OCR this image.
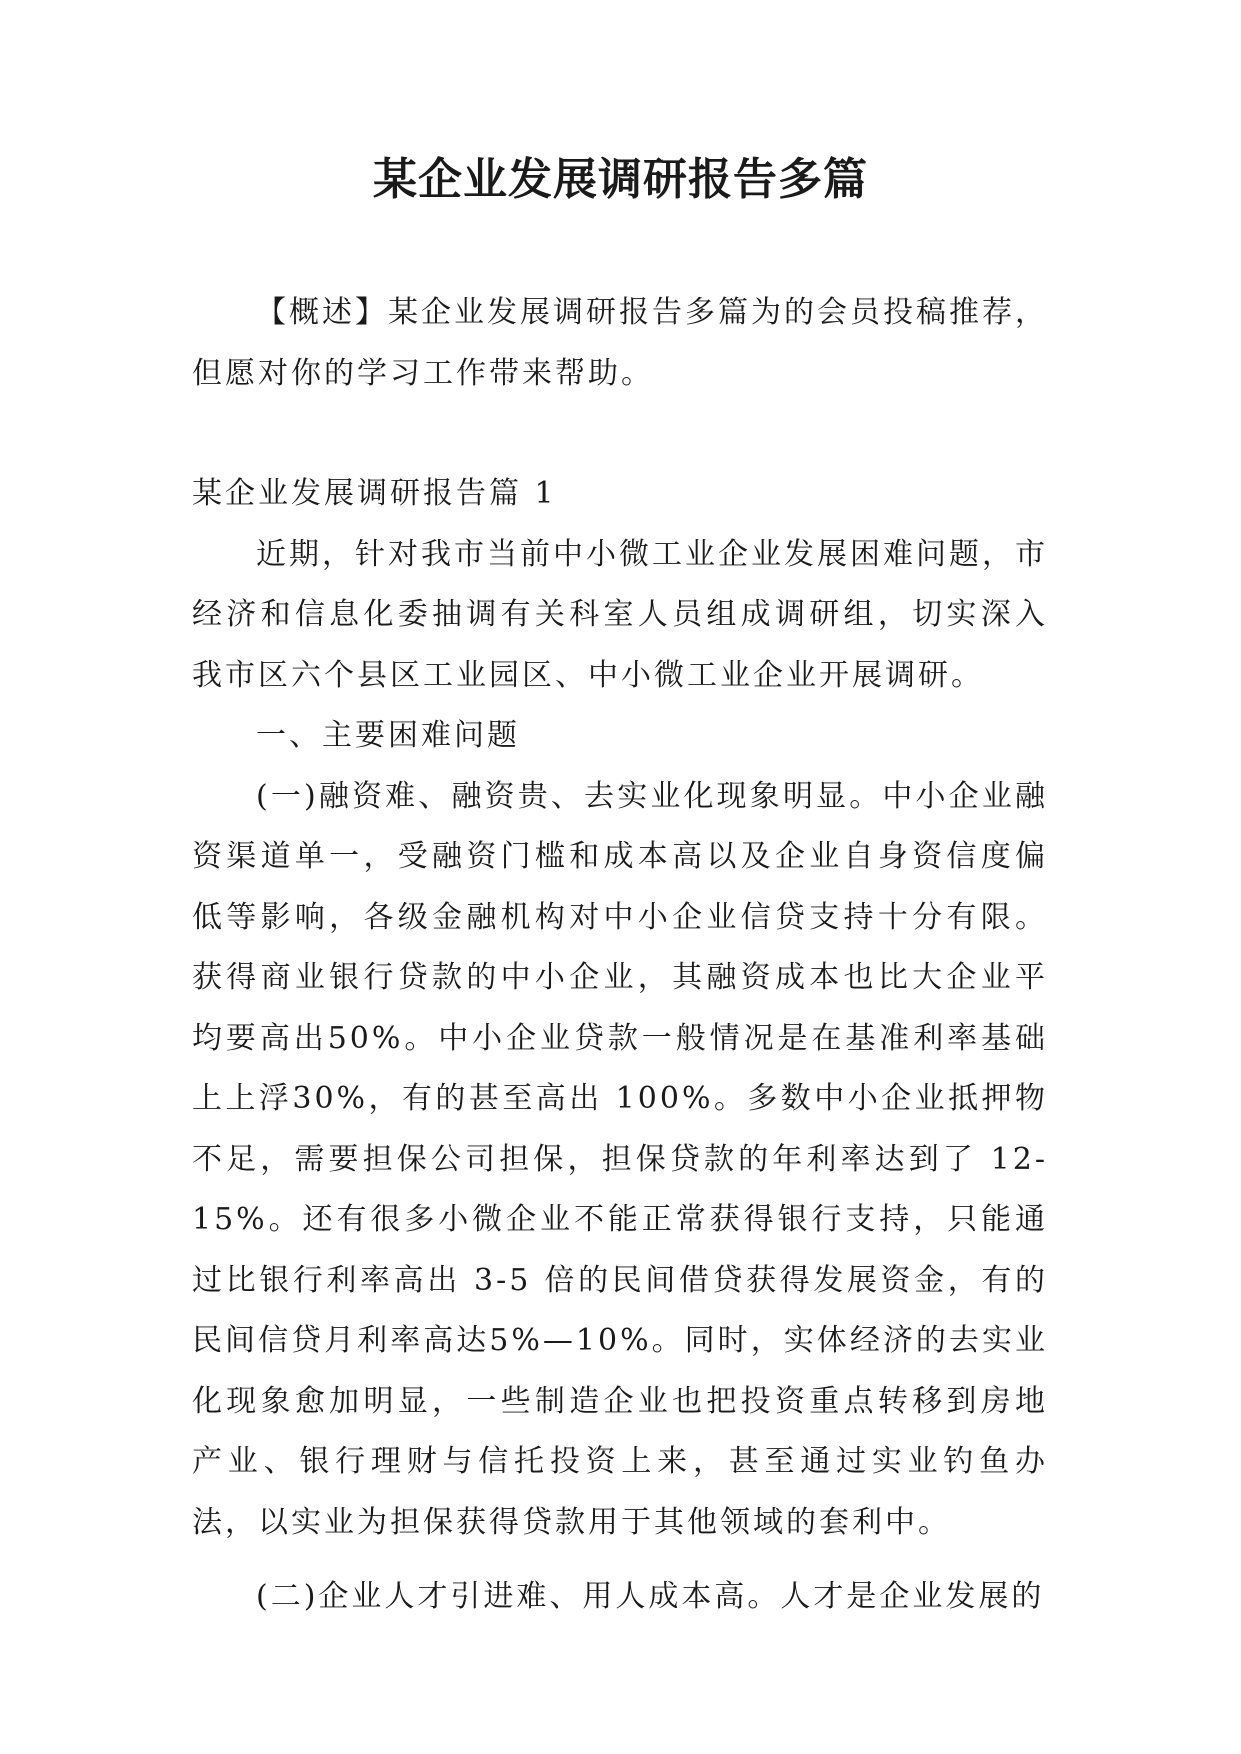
某企业发展调研报告多篇

【概述】某企业发展调研报告多篇为的会员投稿推荐，但愿对你的学习工作带来帮助。

某企业发展调研报告篇 1

近期，针对我市当前中小微工业企业发展困难问题，市经济和信息化委抽调有关科室人员组成调研组，切实深入我市区六个县区工业园区、中小微工业企业开展调研。

一、主要困难问题

(一)融资难、融资贵、去实业化现象明显。中小企业融资渠道单一，受融资门槛和成本高以及企业自身资信度偏低等影响，各级金融机构对中小企业信贷支持十分有限。获得商业银行贷款的中小企业，其融资成本也比大企业平均要高出50%。中小企业贷款一般情况是在基准利率基础上上浮30%，有的甚至高出 100%。多数中小企业抵押物不足，需要担保公司担保，担保贷款的年利率达到了 12-15%。还有很多小微企业不能正常获得银行支持，只能通过比银行利率高出 3-5 倍的民间借贷获得发展资金，有的民间信贷月利率高达5%—10%。同时，实体经济的去实业化现象愈加明显，一些制造企业也把投资重点转移到房地产业、银行理财与信托投资上来，甚至通过实业钓鱼办法，以实业为担保获得贷款用于其他领域的套利中。

(二)企业人才引进难、用人成本高。人才是企业发展的
